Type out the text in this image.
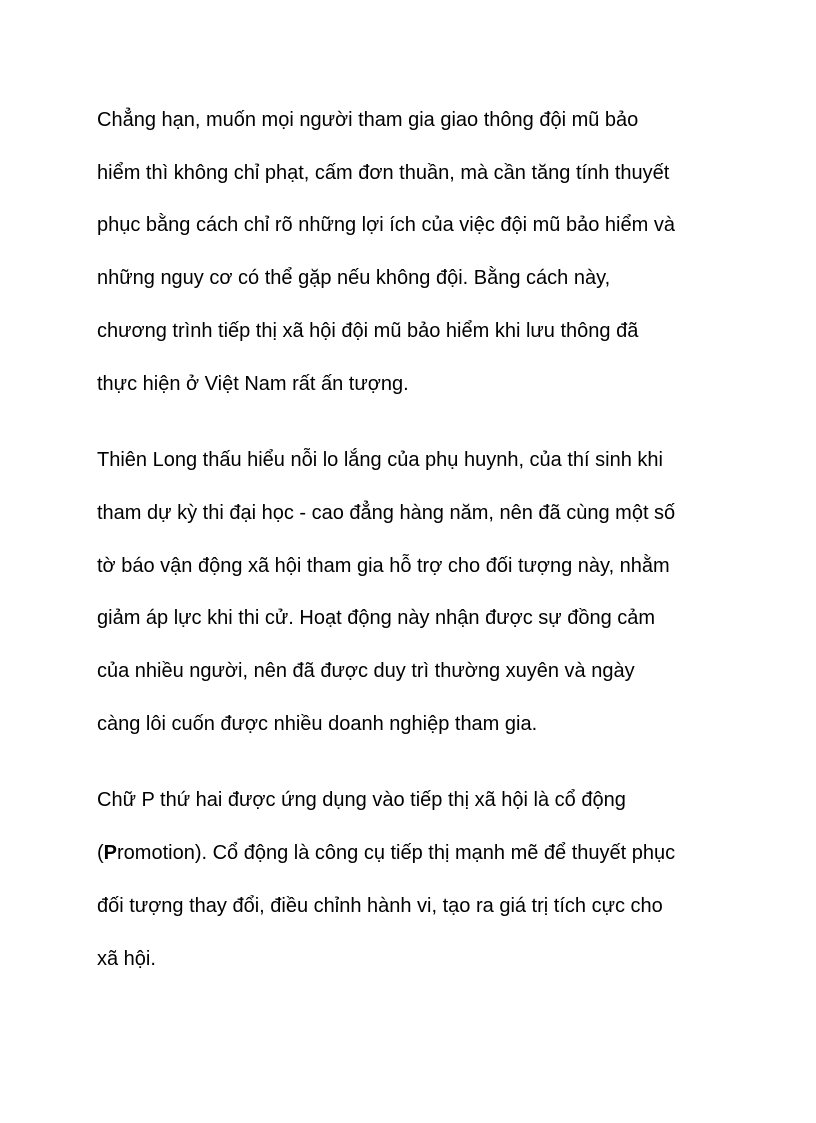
Chẳng hạn, muốn mọi người tham gia giao thông đội mũ bảo
hiểm thì không chỉ phạt, cấm đơn thuần, mà cần tăng tính thuyết
phục bằng cách chỉ rõ những lợi ích của việc đội mũ bảo hiểm và
những nguy cơ có thể gặp nếu không đội. Bằng cách này,
chương trình tiếp thị xã hội đội mũ bảo hiểm khi lưu thông đã
thực hiện ở Việt Nam rất ấn tượng.

Thiên Long thấu hiểu nỗi lo lắng của phụ huynh, của thí sinh khi
tham dự kỳ thi đại học - cao đẳng hàng năm, nên đã cùng một số
tờ báo vận động xã hội tham gia hỗ trợ cho đối tượng này, nhằm
giảm áp lực khi thi cử. Hoạt động này nhận được sự đồng cảm
của nhiều người, nên đã được duy trì thường xuyên và ngày
càng lôi cuốn được nhiều doanh nghiệp tham gia.

Chữ P thứ hai được ứng dụng vào tiếp thị xã hội là cổ động
(Promotion). Cổ động là công cụ tiếp thị mạnh mẽ để thuyết phục
đối tượng thay đổi, điều chỉnh hành vi, tạo ra giá trị tích cực cho
xã hội.
